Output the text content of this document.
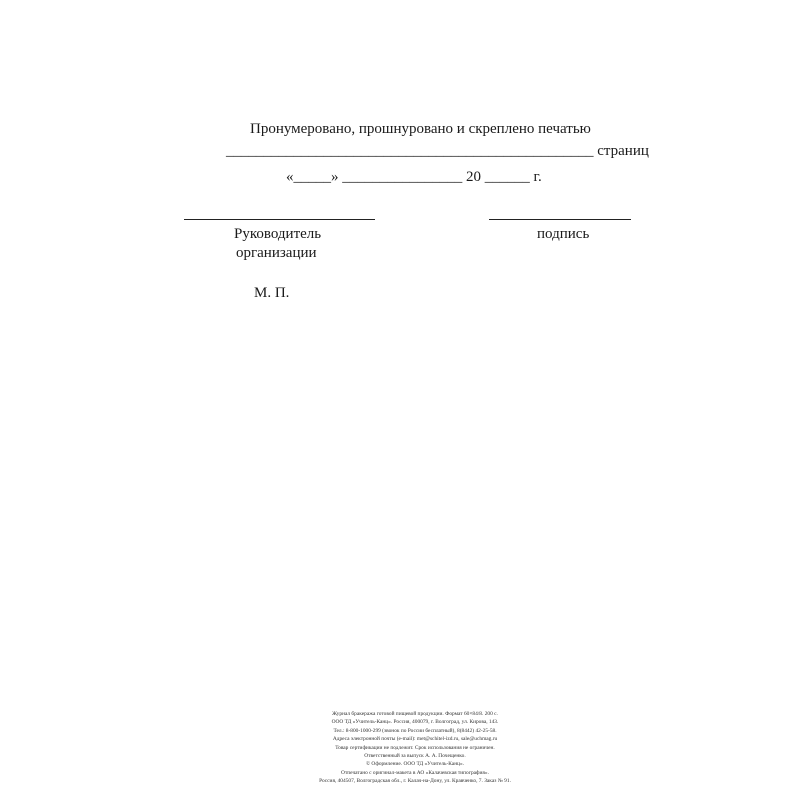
Пронумеровано, прошнуровано и скреплено печатью
_________________________________________________ страниц
«_____» ________________ 20 ______ г.
Руководитель
организации
подпись
М. П.
Журнал бракеража готовой пищевой продукции. Формат 60×84/8. 200 с.
ООО ТД «Учитель-Канц». Россия, 400079, г. Волгоград, ул. Кирова, 143.
Тел.: 8-800-1000-299 (звонок по России бесплатный), 8(8442) 42-25-58.
Адреса электронной почты (e-mail): met@schitel-izd.ru, sale@uchmag.ru
Товар сертификации не подлежит. Срок использования не ограничен.
Ответственный за выпуск А. А. Почещенко.
© Оформление. ООО ТД «Учитель-Канц».
Отпечатано с оригинал-макета в АО «Калачевская типография».
Россия, 404507, Волгоградская обл., г. Калач-на-Дону, ул. Кравченко, 7. Заказ № 91.
